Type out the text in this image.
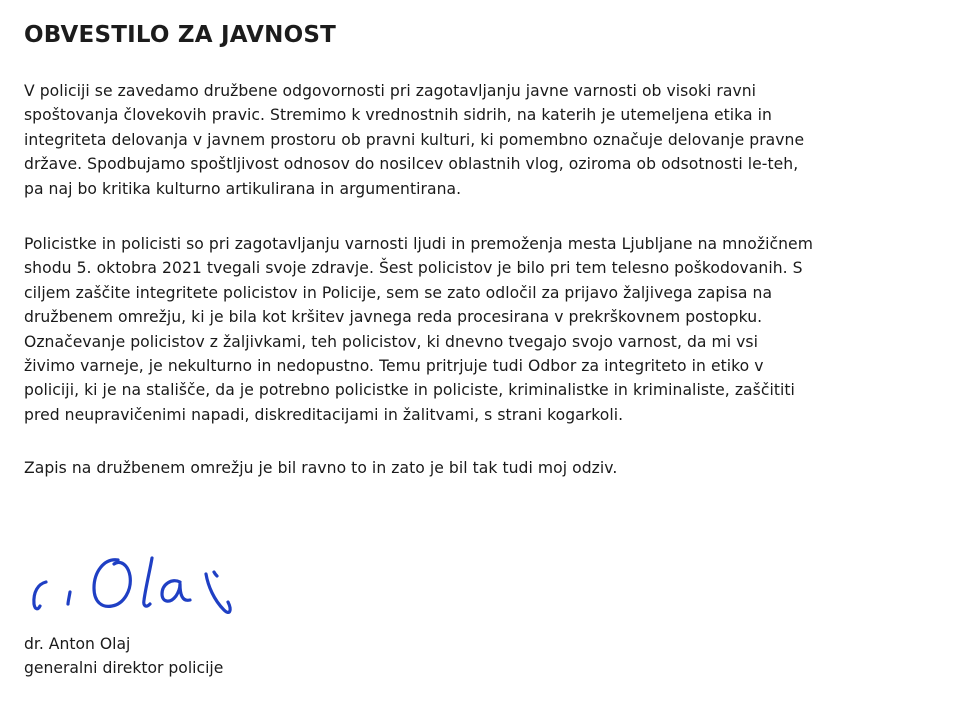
OBVESTILO ZA JAVNOST

V policiji se zavedamo družbene odgovornosti pri zagotavljanju javne varnosti ob visoki ravni
spoštovanja človekovih pravic. Stremimo k vrednostnih sidrih, na katerih je utemeljena etika in
integriteta delovanja v javnem prostoru ob pravni kulturi, ki pomembno označuje delovanje pravne
države. Spodbujamo spoštljivost odnosov do nosilcev oblastnih vlog, oziroma ob odsotnosti le-teh,
pa naj bo kritika kulturno artikulirana in argumentirana.

Policistke in policisti so pri zagotavljanju varnosti ljudi in premoženja mesta Ljubljane na množičnem
shodu 5. oktobra 2021 tvegali svoje zdravje. Šest policistov je bilo pri tem telesno poškodovanih. S
ciljem zaščite integritete policistov in Policije, sem se zato odločil za prijavo žaljivega zapisa na
družbenem omrežju, ki je bila kot kršitev javnega reda procesirana v prekrškovnem postopku.
Označevanje policistov z žaljivkami, teh policistov, ki dnevno tvegajo svojo varnost, da mi vsi
živimo varneje, je nekulturno in nedopustno. Temu pritrjuje tudi Odbor za integriteto in etiko v
policiji, ki je na stališče, da je potrebno policistke in policiste, kriminalistke in kriminaliste, zaščititi
pred neupravičenimi napadi, diskreditacijami in žalitvami, s strani kogarkoli.

Zapis na družbenem omrežju je bil ravno to in zato je bil tak tudi moj odziv.

dr. Anton Olaj

generalni direktor policije
